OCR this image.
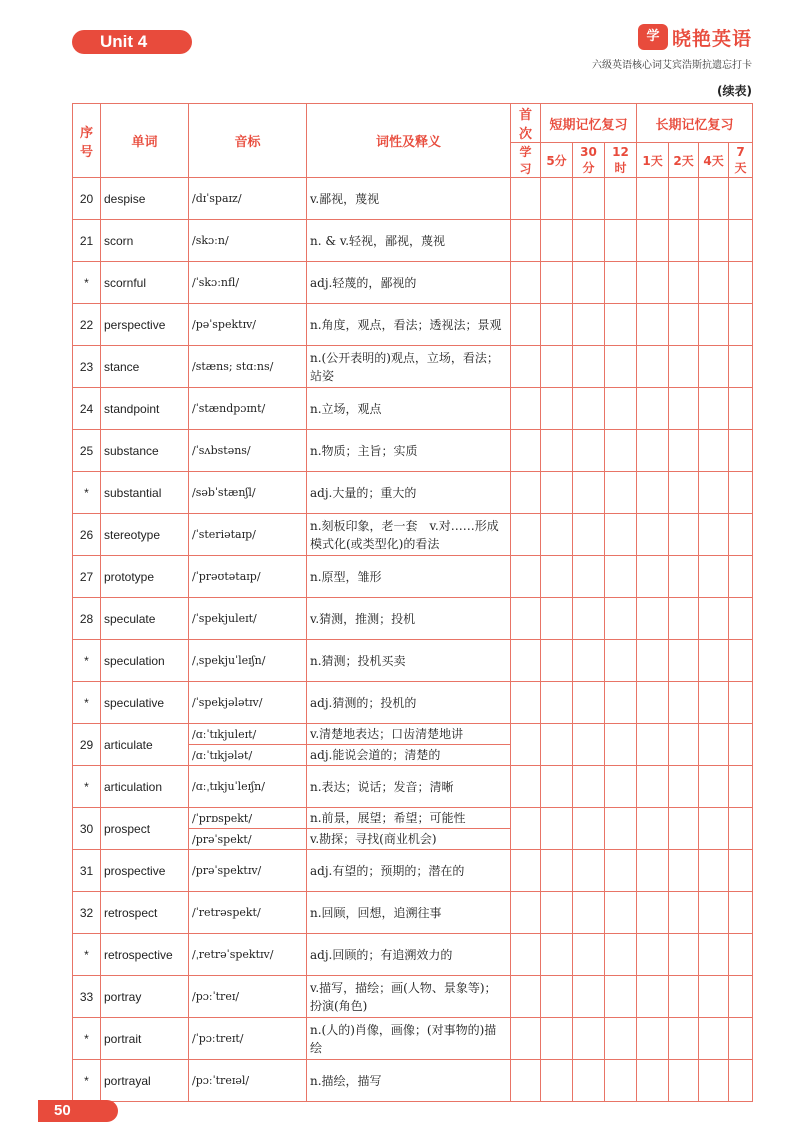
Unit 4	学 晓艳英语
六级英语核心词艾宾浩斯抗遗忘打卡
(续表)
序号	单词	音标	词性及释义	首次	短期记忆复习			长期记忆复习			
				学习	5分	30分	12时	1天	2天	4天	7天
20	despise	/dɪˈspaɪz/	v.鄙视，蔑视								
21	scorn	/skɔːn/	n. & v.轻视，鄙视，蔑视								
*	scornful	/ˈskɔːnfl/	adj.轻蔑的，鄙视的								
22	perspective	/pəˈspektɪv/	n.角度，观点，看法；透视法；景观								
23	stance	/stæns; stɑːns/	n.(公开表明的)观点，立场，看法；站姿								
24	standpoint	/ˈstændpɔɪnt/	n.立场，观点								
25	substance	/ˈsʌbstəns/	n.物质；主旨；实质								
*	substantial	/səbˈstænʃl/	adj.大量的；重大的								
26	stereotype	/ˈsteriətaɪp/	n.刻板印象，老一套　v.对……形成模式化(或类型化)的看法								
27	prototype	/ˈprəʊtətaɪp/	n.原型，雏形								
28	speculate	/ˈspekjuleɪt/	v.猜测，推测；投机								
*	speculation	/ˌspekjuˈleɪʃn/	n.猜测；投机买卖								
*	speculative	/ˈspekjələtɪv/	adj.猜测的；投机的								
29	articulate	/ɑːˈtɪkjuleɪt/	v.清楚地表达；口齿清楚地讲								
		/ɑːˈtɪkjələt/	adj.能说会道的；清楚的								
*	articulation	/ɑːˌtɪkjuˈleɪʃn/	n.表达；说话；发音；清晰								
30	prospect	/ˈprɒspekt/	n.前景，展望；希望；可能性								
		/prəˈspekt/	v.勘探；寻找(商业机会)								
31	prospective	/prəˈspektɪv/	adj.有望的；预期的；潜在的								
32	retrospect	/ˈretrəspekt/	n.回顾，回想，追溯往事								
*	retrospective	/ˌretrəˈspektɪv/	adj.回顾的；有追溯效力的								
33	portray	/pɔːˈtreɪ/	v.描写，描绘；画(人物、景象等)；扮演(角色)								
*	portrait	/ˈpɔːtreɪt/	n.(人的)肖像，画像；(对事物的)描绘								
*	portrayal	/pɔːˈtreɪəl/	n.描绘，描写								
50
